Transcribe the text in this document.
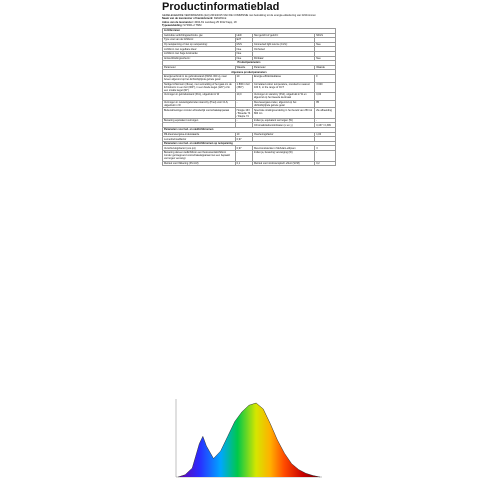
Productinformatieblad
GEDELEGEERDE VERORDENING (EU) 2019/2015 VAN DE COMMISSIE met betrekking tot de energie-etikettering van lichtbronnen
Naam van de leverancier of handelsmerk: KEMANLE
Adres van de leverancier: 4004 AS Landweg 25 3012 Kapp, 18
Typeaanduiding: SY0601-2 TMM
Lichtbronnen			
Gebruikte verlichtingstechnolo- gie:	LED	Niet gericht of gericht:	NDLS
Type voet van de lichtbron:	E27		
Op netspanning of niet op netspanning:	MLS	Connected light source (CLS):	Nee
Lichtbron met regelbare kleur:	Nee	Omhulsel:	
Lichtbron met hoge luminantie:	Nee		
Antiverblindingsscherm:	Nee	Dimbaar:	Nee
Productparameters			
Parameter	Waarde	Parameter	Waarde
Algemene productparameters			
Energieverbruik in de gebruiksstand (kWh/1 000 u), naar boven afgerond op het dichtstbijzijnde gehele getal	10	Energie-efficiëntieklasse	F
Nuttige lichtstroom (Φuse), met vermelding of het gaat om de lichtstroom in een bol (360°), in een brede kegel (120°) of in een smalle kegel (90°)	1 806 in bol (360°)	Correlated colour temperature, rounded to nearest 100 K, or the range of CCT	3 000
Vermogen in gebruiksstand (Pon), uitgedrukt in W	10,0	Vermogen in stand-by (Psb), uitgedrukt in W en afgerond op het tweede decimaal	0,00
Vermogen in netwerkgebonden stand-by (Pnet) voor CLS, uitgedrukt in W	-	Kleurweergave-index, afgerond op het dichtstbijzijnde gehele getal	85
Buitenafmetingen zonder afzonderlijk voorschakelapparaat	Hoogte 163 / Breedte 74 / Diepte 74	Spectrale stralingsverdeling in het bereik van 250 tot 800 nm	Zie afbeelding
Bewering equivalent vermogen	-	Indien ja, equivalent vermogen (W)	-
		Chromaticiteitscoördinaten (x en y)	0,437 / 0,399
Parameters voor led- en oledlichtbronnen			
R9-kleurweergave-indexwaarde	10	Overlevingsfactor	1,00
Lumenbehoudfactor	0,97		
Parameters voor led- en oledlichtbronnen op netspanning			
Verschuivingsfactor (cos φ1)	0,97	Kleurconsistentie in McAdam-ellipsen	3
Bewering dat een ledlichtbron een fluorescentielichtbron zonder geïntegreerd voorschakelapparaat met een bepaald vermogen vervangt	-	Indien ja, bewering vervanging (W)	-
Metriek voor flikkering (Pst LM)	0,1	Metriek voor stroboscopisch effect (SVM)	0,2
